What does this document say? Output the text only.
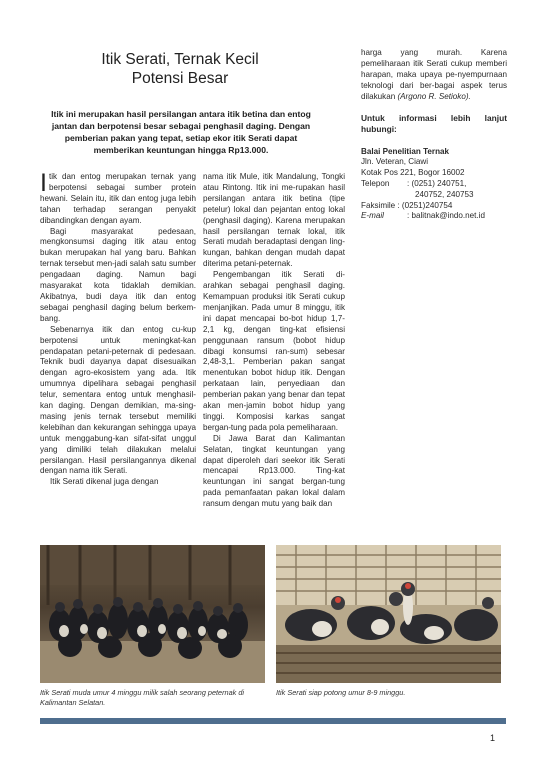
Itik Serati, Ternak Kecil
Potensi Besar
Itik ini merupakan hasil persilangan antara itik betina dan entog jantan dan berpotensi besar sebagai penghasil daging. Dengan pemberian pakan yang tepat, setiap ekor itik Serati dapat memberikan keuntungan hingga Rp13.000.

Itik dan entog merupakan ternak yang berpotensi sebagai sumber protein hewani. Selain itu, itik dan entog juga lebih tahan terhadap serangan penyakit dibandingkan dengan ayam.

Bagi masyarakat pedesaan, mengkonsumsi daging itik atau entog bukan merupakan hal yang baru. Bahkan ternak tersebut men-jadi salah satu sumber pengadaan daging. Namun bagi masyarakat kota tidaklah demikian. Akibatnya, budi daya itik dan entog sebagai penghasil daging belum berkem-bang.

Sebenarnya itik dan entog cu-kup berpotensi untuk meningkat-kan pendapatan petani-peternak di pedesaan. Teknik budi dayanya dapat disesuaikan dengan agro-ekosistem yang ada. Itik umumnya dipelihara sebagai penghasil telur, sementara entog untuk menghasil-kan daging. Dengan demikian, ma-sing-masing jenis ternak tersebut memiliki kelebihan dan kekurangan sehingga upaya untuk menggabung-kan sifat-sifat unggul yang dimiliki telah dilakukan melalui persilangan. Hasil persilangannya dikenal dengan nama itik Serati.

Itik Serati dikenal juga dengan

nama itik Mule, itik Mandalung, Tongki atau Rintong. Itik ini me-rupakan hasil persilangan antara itik betina (tipe petelur) lokal dan pejantan entog lokal (penghasil daging). Karena merupakan hasil persilangan ternak lokal, itik Serati mudah beradaptasi dengan ling-kungan, bahkan dengan mudah dapat diterima petani-peternak.

Pengembangan itik Serati di-arahkan sebagai penghasil daging. Kemampuan produksi itik Serati cukup menjanjikan. Pada umur 8 minggu, itik ini dapat mencapai bo-bot hidup 1,7-2,1 kg, dengan ting-kat efisiensi penggunaan ransum (bobot hidup dibagi konsumsi ran-sum) sebesar 2,48-3,1. Pemberian pakan sangat menentukan bobot hidup itik. Dengan perkataan lain, penyediaan dan pemberian pakan yang benar dan tepat akan men-jamin bobot hidup yang tinggi. Komposisi karkas sangat bergan-tung pada pola pemeliharaan.

Di Jawa Barat dan Kalimantan Selatan, tingkat keuntungan yang dapat diperoleh dari seekor itik Serati mencapai Rp13.000. Ting-kat keuntungan ini sangat bergan-tung pada pemanfaatan pakan lokal dalam ransum dengan mutu yang baik dan

harga yang murah. Karena pemeliharaan itik Serati cukup memberi harapan, maka upaya pe-nyempurnaan teknologi dari ber-bagai aspek terus dilakukan (Argono R. Setioko).

Untuk informasi lebih lanjut hubungi:
Balai Penelitian Ternak
Jln. Veteran, Ciawi
Kotak Pos 221, Bogor 16002
Telepon	: (0251) 240751,
240752, 240753
Faksimile : (0251)240754
E-mail	: balitnak@indo.net.id
Itik Serati muda umur 4 minggu milik salah seorang peternak di Kalimantan Selatan.
Itik Serati siap potong umur 8-9 minggu.
1
